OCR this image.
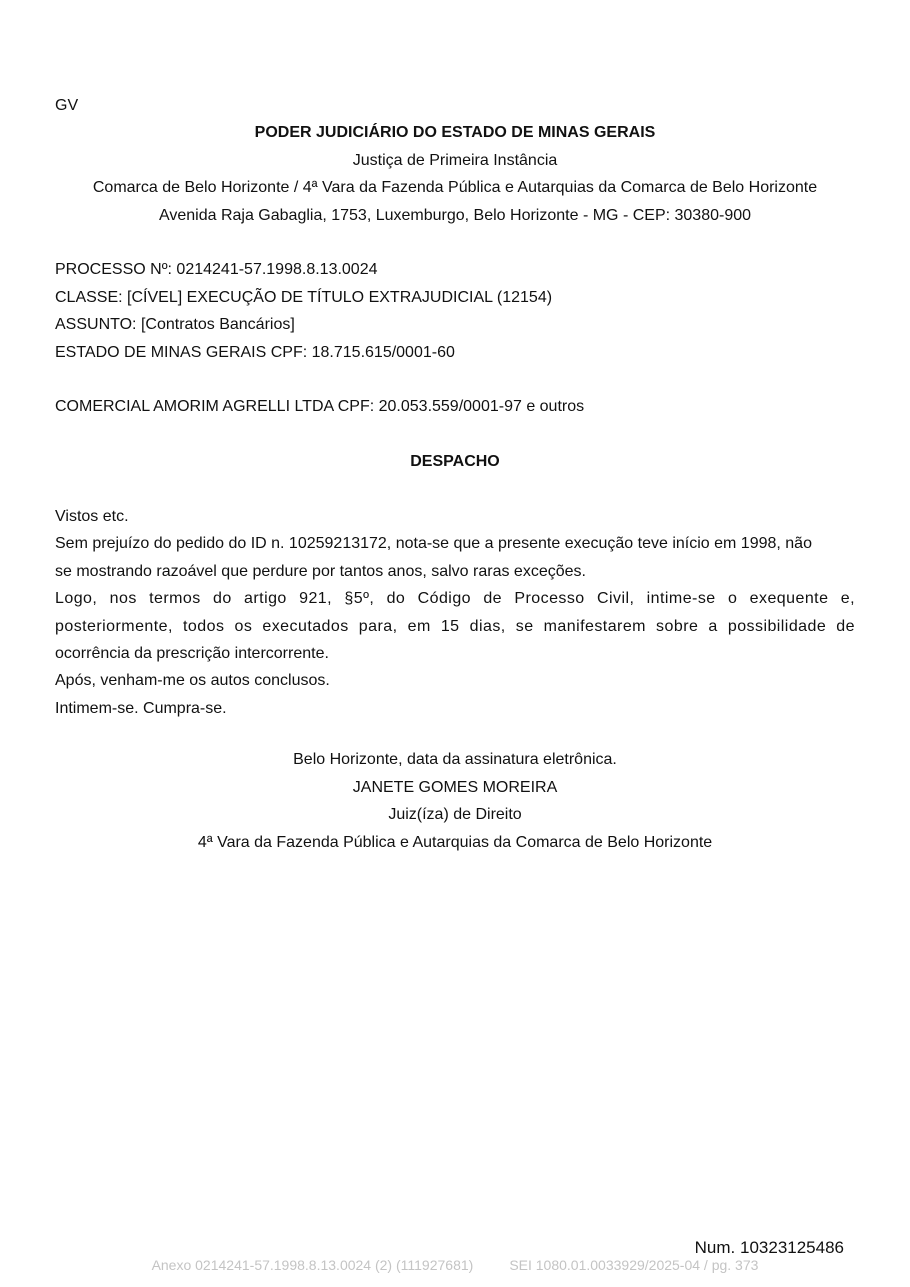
GV
PODER JUDICIÁRIO DO ESTADO DE MINAS GERAIS
Justiça de Primeira Instância
Comarca de Belo Horizonte / 4ª Vara da Fazenda Pública e Autarquias da Comarca de Belo Horizonte
Avenida Raja Gabaglia, 1753, Luxemburgo, Belo Horizonte - MG - CEP: 30380-900
PROCESSO Nº: 0214241-57.1998.8.13.0024
CLASSE: [CÍVEL] EXECUÇÃO DE TÍTULO EXTRAJUDICIAL (12154)
ASSUNTO: [Contratos Bancários]
ESTADO DE MINAS GERAIS CPF: 18.715.615/0001-60
COMERCIAL AMORIM AGRELLI LTDA CPF: 20.053.559/0001-97 e outros
DESPACHO
Vistos etc.
Sem prejuízo do pedido do ID n. 10259213172, nota-se que a presente execução teve início em 1998, não
se mostrando razoável que perdure por tantos anos, salvo raras exceções.
Logo, nos termos do artigo 921, §5º, do Código de Processo Civil, intime-se o exequente e,
posteriormente, todos os executados para, em 15 dias, se manifestarem sobre a possibilidade de
ocorrência da prescrição intercorrente.
Após, venham-me os autos conclusos.
Intimem-se. Cumpra-se.
Belo Horizonte, data da assinatura eletrônica.
JANETE GOMES MOREIRA
Juiz(íza) de Direito
4ª Vara da Fazenda Pública e Autarquias da Comarca de Belo Horizonte
Num. 10323125486
Anexo 0214241-57.1998.8.13.0024 (2) (111927681)	SEI 1080.01.0033929/2025-04 / pg. 373
